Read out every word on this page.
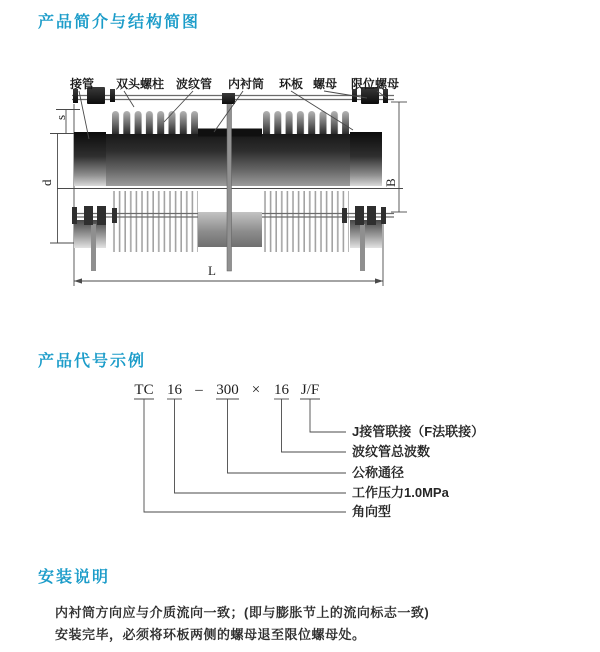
产品简介与结构简图
接管 双头螺柱 波纹管 内衬筒 环板 螺母 限位螺母
s
d	B
L
产品代号示例
TC 16 – 300 × 16 J/F
J接管联接（F法联接）
波纹管总波数
公称通径
工作压力1.0MPa
角向型
安装说明
内衬筒方向应与介质流向一致；(即与膨胀节上的流向标志一致)
安装完毕，必须将环板两侧的螺母退至限位螺母处。
